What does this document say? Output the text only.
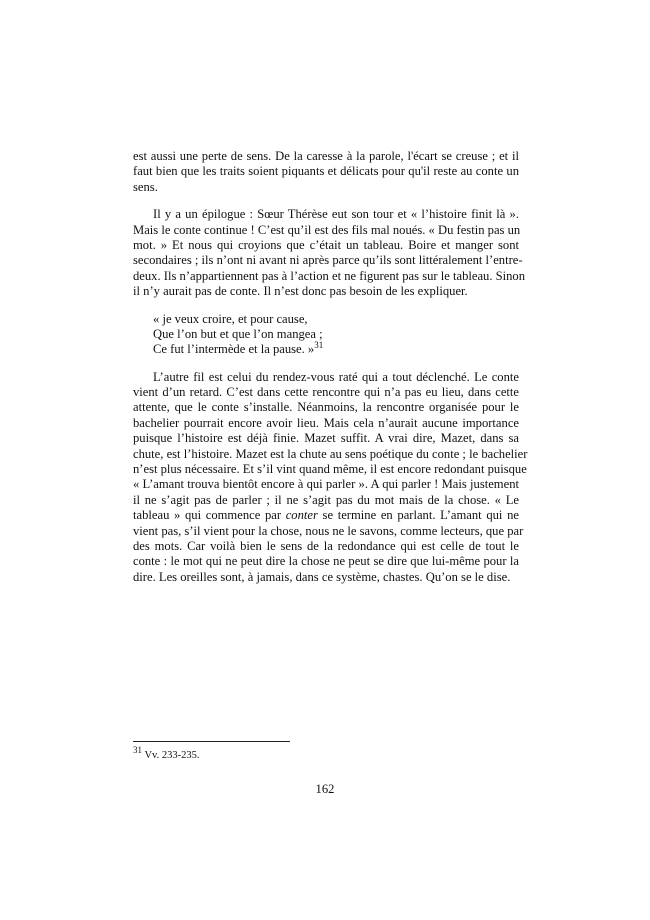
est aussi une perte de sens. De la caresse à la parole, l'écart se creuse ; et il
faut bien que les traits soient piquants et délicats pour qu'il reste au conte un
sens.
Il y a un épilogue : Sœur Thérèse eut son tour et « l’histoire finit là ».
Mais le conte continue ! C’est qu’il est des fils mal noués. « Du festin pas un
mot. » Et nous qui croyions que c’était un tableau. Boire et manger sont
secondaires ; ils n’ont ni avant ni après parce qu’ils sont littéralement l’entre-
deux. Ils n’appartiennent pas à l’action et ne figurent pas sur le tableau. Sinon
il n’y aurait pas de conte. Il n’est donc pas besoin de les expliquer.
« je veux croire, et pour cause,
Que l’on but et que l’on mangea ;
Ce fut l’intermède et la pause. »$^{31}$
L’autre fil est celui du rendez-vous raté qui a tout déclenché. Le conte
vient d’un retard. C’est dans cette rencontre qui n’a pas eu lieu, dans cette
attente, que le conte s’installe. Néanmoins, la rencontre organisée pour le
bachelier pourrait encore avoir lieu. Mais cela n’aurait aucune importance
puisque l’histoire est déjà finie. Mazet suffit. A vrai dire, Mazet, dans sa
chute, est l’histoire. Mazet est la chute au sens poétique du conte ; le bachelier
n’est plus nécessaire. Et s’il vint quand même, il est encore redondant puisque
« L’amant trouva bientôt encore à qui parler ». A qui parler ! Mais justement
il ne s’agit pas de parler ; il ne s’agit pas du mot mais de la chose. « Le
tableau » qui commence par conter se termine en parlant. L’amant qui ne
vient pas, s’il vient pour la chose, nous ne le savons, comme lecteurs, que par
des mots. Car voilà bien le sens de la redondance qui est celle de tout le
conte : le mot qui ne peut dire la chose ne peut se dire que lui-même pour la
dire. Les oreilles sont, à jamais, dans ce système, chastes. Qu’on se le dise.
$^{31}$ Vv. 233-235.
162
